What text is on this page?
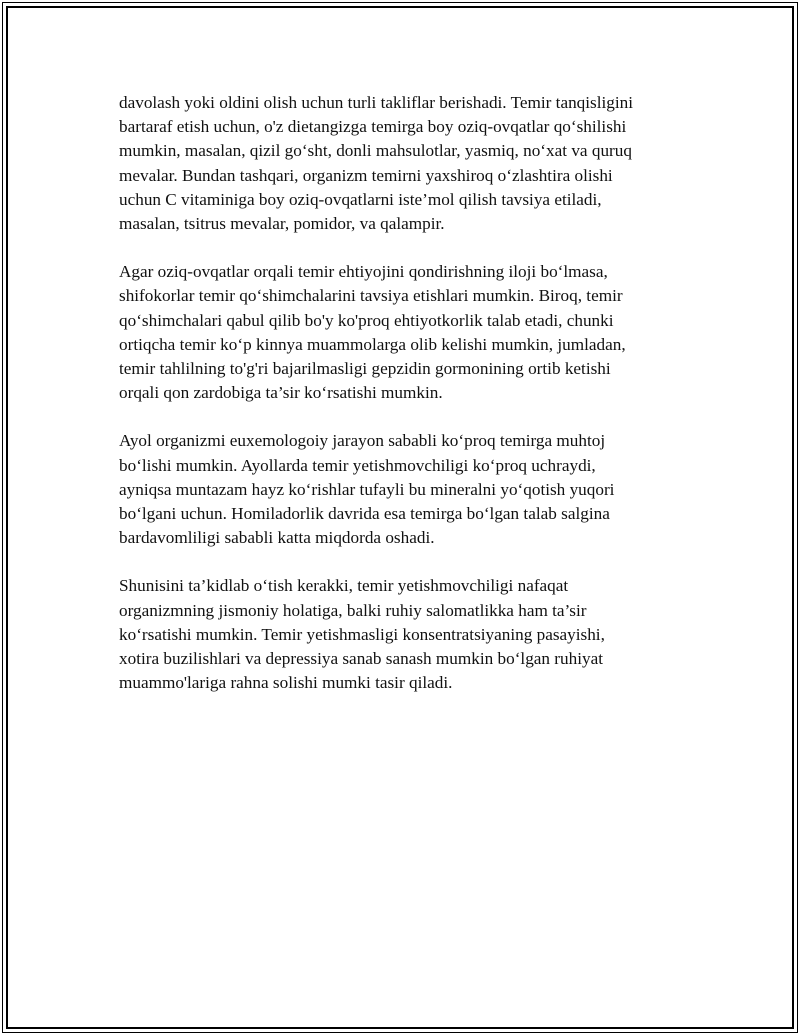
davolash yoki oldini olish uchun turli takliflar berishadi. Temir tanqisligini
bartaraf etish uchun, o'z dietangizga temirga boy oziq-ovqatlar qo‘shilishi
mumkin, masalan, qizil go‘sht, donli mahsulotlar, yasmiq, no‘xat va quruq
mevalar. Bundan tashqari, organizm temirni yaxshiroq o‘zlashtira olishi
uchun C vitaminiga boy oziq-ovqatlarni iste’mol qilish tavsiya etiladi,
masalan, tsitrus mevalar, pomidor, va qalampir.

Agar oziq-ovqatlar orqali temir ehtiyojini qondirishning iloji bo‘lmasa,
shifokorlar temir qo‘shimchalarini tavsiya etishlari mumkin. Biroq, temir
qo‘shimchalari qabul qilib bo'y ko'proq ehtiyotkorlik talab etadi, chunki
ortiqcha temir ko‘p kinnya muammolarga olib kelishi mumkin, jumladan,
temir tahlilning to'g'ri bajarilmasligi gepzidin gormonining ortib ketishi
orqali qon zardobiga ta’sir ko‘rsatishi mumkin.

Ayol organizmi euxemologoiy jarayon sababli ko‘proq temirga muhtoj
bo‘lishi mumkin. Ayollarda temir yetishmovchiligi ko‘proq uchraydi,
ayniqsa muntazam hayz ko‘rishlar tufayli bu mineralni yo‘qotish yuqori
bo‘lgani uchun. Homiladorlik davrida esa temirga bo‘lgan talab salgina
bardavomliligi sababli katta miqdorda oshadi.

Shunisini ta’kidlab o‘tish kerakki, temir yetishmovchiligi nafaqat
organizmning jismoniy holatiga, balki ruhiy salomatlikka ham ta’sir
ko‘rsatishi mumkin. Temir yetishmasligi konsentratsiyaning pasayishi,
xotira buzilishlari va depressiya sanab sanash mumkin bo‘lgan ruhiyat
muammo'lariga rahna solishi mumki tasir qiladi.
